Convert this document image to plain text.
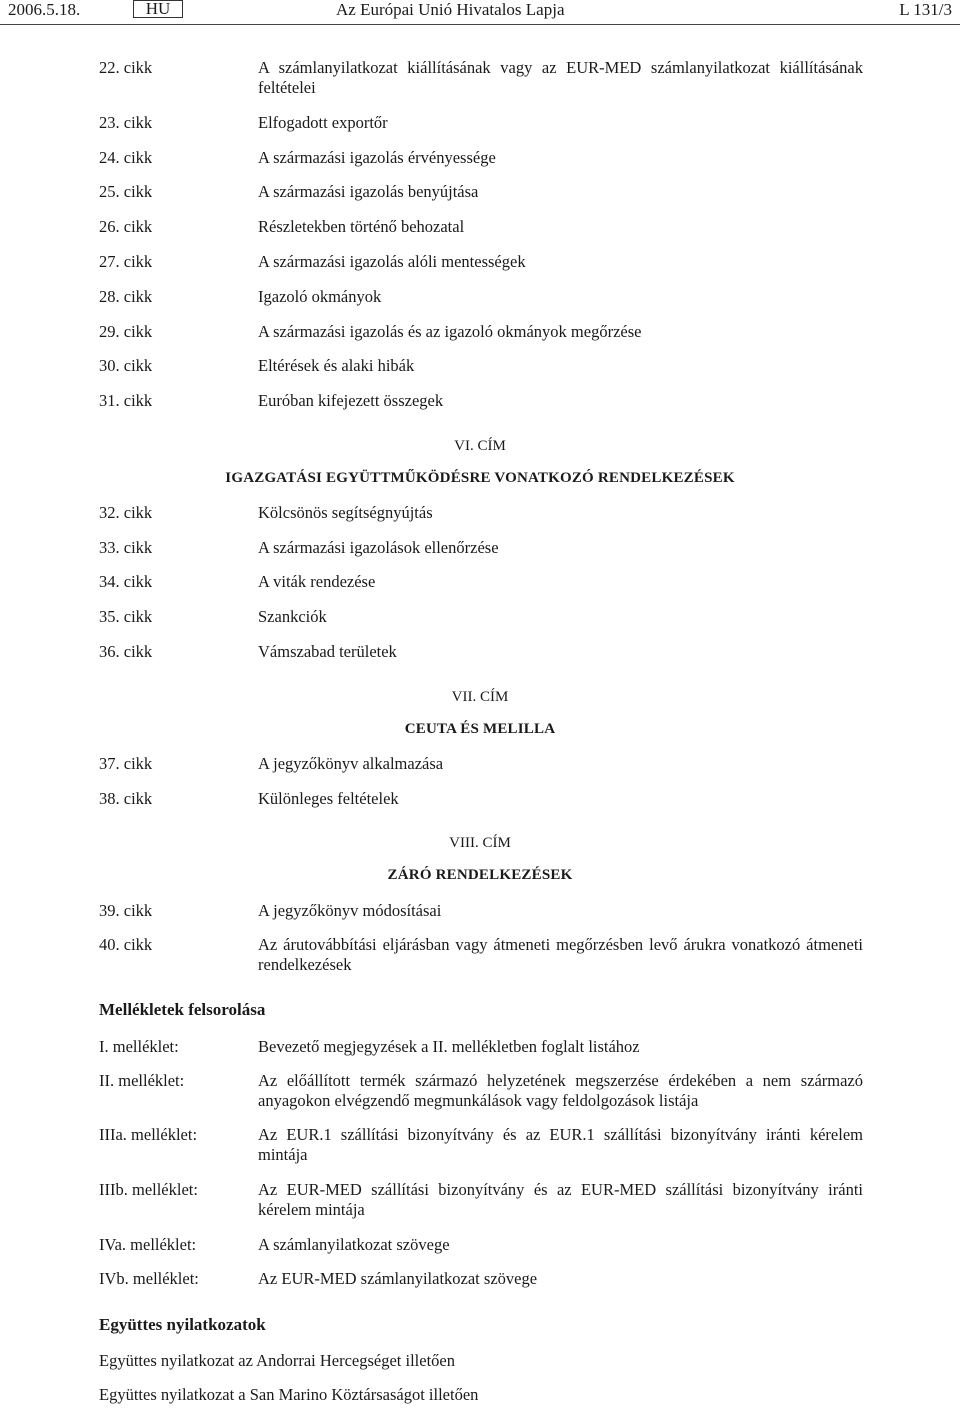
2006.5.18.	HU	Az Európai Unió Hivatalos Lapja	L 131/3
22. cikk	A számlanyilatkozat kiállításának vagy az EUR-MED számlanyilatkozat kiállításának feltételei
23. cikk	Elfogadott exportőr
24. cikk	A származási igazolás érvényessége
25. cikk	A származási igazolás benyújtása
26. cikk	Részletekben történő behozatal
27. cikk	A származási igazolás alóli mentességek
28. cikk	Igazoló okmányok
29. cikk	A származási igazolás és az igazoló okmányok megőrzése
30. cikk	Eltérések és alaki hibák
31. cikk	Euróban kifejezett összegek
VI. CÍM
IGAZGATÁSI EGYÜTTMŰKÖDÉSRE VONATKOZÓ RENDELKEZÉSEK
32. cikk	Kölcsönös segítségnyújtás
33. cikk	A származási igazolások ellenőrzése
34. cikk	A viták rendezése
35. cikk	Szankciók
36. cikk	Vámszabad területek
VII. CÍM
CEUTA ÉS MELILLA
37. cikk	A jegyzőkönyv alkalmazása
38. cikk	Különleges feltételek
VIII. CÍM
ZÁRÓ RENDELKEZÉSEK
39. cikk	A jegyzőkönyv módosításai
40. cikk	Az árutovábbítási eljárásban vagy átmeneti megőrzésben levő árukra vonatkozó átmeneti rendelkezések
Mellékletek felsorolása
I. melléklet:	Bevezető megjegyzések a II. mellékletben foglalt listához
II. melléklet:	Az előállított termék származó helyzetének megszerzése érdekében a nem származó anyagokon elvégzendő megmunkálások vagy feldolgozások listája
IIIa. melléklet:	Az EUR.1 szállítási bizonyítvány és az EUR.1 szállítási bizonyítvány iránti kérelem mintája
IIIb. melléklet:	Az EUR-MED szállítási bizonyítvány és az EUR-MED szállítási bizonyítvány iránti kérelem mintája
IVa. melléklet:	A számlanyilatkozat szövege
IVb. melléklet:	Az EUR-MED számlanyilatkozat szövege
Együttes nyilatkozatok
Együttes nyilatkozat az Andorrai Hercegséget illetően
Együttes nyilatkozat a San Marino Köztársaságot illetően
